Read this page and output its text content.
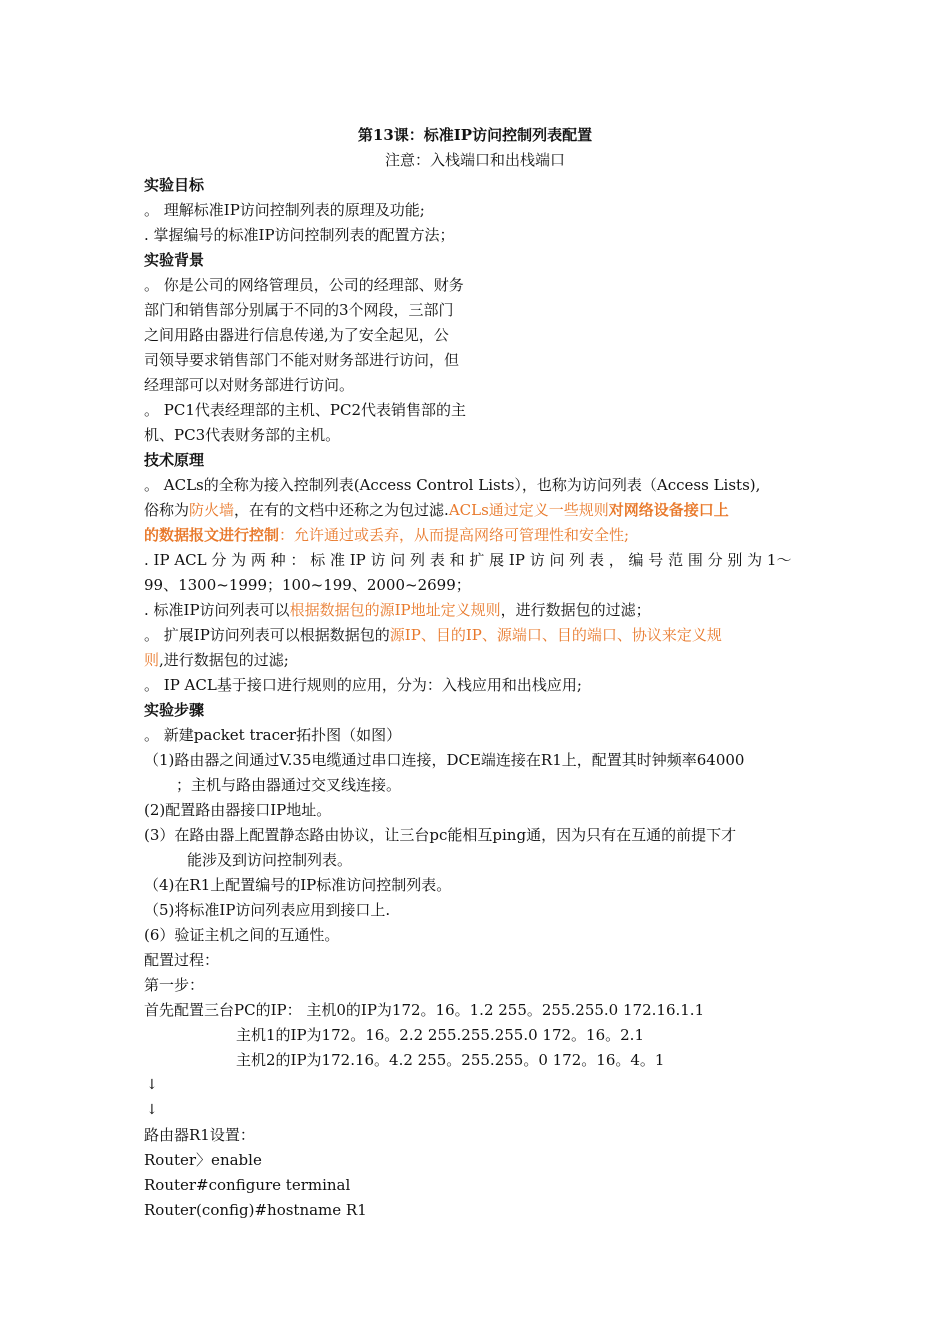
第13课：标准IP访问控制列表配置
注意：入栈端口和出栈端口
实验目标
。 理解标准IP访问控制列表的原理及功能;
. 掌握编号的标准IP访问控制列表的配置方法；
实验背景
。 你是公司的网络管理员，公司的经理部、财务
部门和销售部分别属于不同的3个网段，三部门
之间用路由器进行信息传递,为了安全起见，公
司领导要求销售部门不能对财务部进行访问，但
经理部可以对财务部进行访问。
。 PC1代表经理部的主机、PC2代表销售部的主
机、PC3代表财务部的主机。
技术原理
。 ACLs的全称为接入控制列表(Access Control Lists），也称为访问列表（Access Lists),
俗称为防火墙，在有的文档中还称之为包过滤.ACLs通过定义一些规则对网络设备接口上
的数据报文进行控制：允许通过或丢弃，从而提高网络可管理性和安全性;
. IP ACL 分 为 两 种 ： 标 准 IP 访 问 列 表 和 扩 展 IP 访 问 列 表 ， 编 号 范 围 分 别 为 1～
99、1300~1999；100~199、2000~2699；
. 标准IP访问列表可以根据数据包的源IP地址定义规则，进行数据包的过滤；
。 扩展IP访问列表可以根据数据包的源IP、目的IP、源端口、目的端口、协议来定义规
则,进行数据包的过滤;
。 IP ACL基于接口进行规则的应用，分为：入栈应用和出栈应用;
实验步骤
。 新建packet tracer拓扑图（如图）
（1)路由器之间通过V.35电缆通过串口连接，DCE端连接在R1上，配置其时钟频率64000
；主机与路由器通过交叉线连接。
(2)配置路由器接口IP地址。
(3）在路由器上配置静态路由协议，让三台pc能相互ping通，因为只有在互通的前提下才
能涉及到访问控制列表。
（4)在R1上配置编号的IP标准访问控制列表。
（5)将标准IP访问列表应用到接口上.
(6）验证主机之间的互通性。
配置过程：
第一步：
首先配置三台PC的IP： 主机0的IP为172。16。1.2 255。255.255.0 172.16.1.1
主机1的IP为172。16。2.2 255.255.255.0 172。16。2.1
主机2的IP为172.16。4.2 255。255.255。0 172。16。4。1
↓
↓
路由器R1设置：
Router〉enable
Router#configure terminal
Router(config)#hostname R1
